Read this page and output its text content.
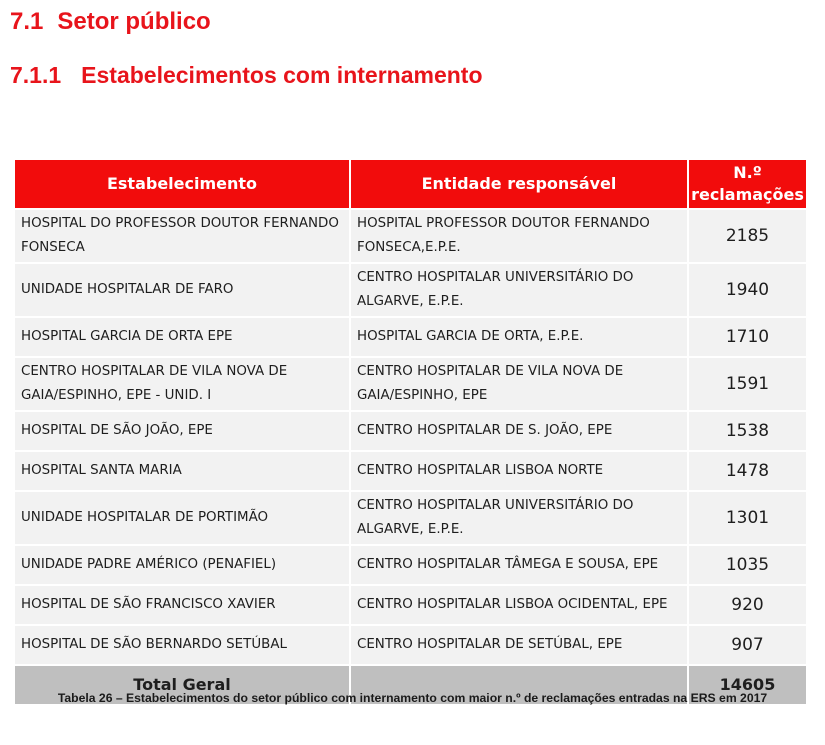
7.1 Setor público
7.1.1 Estabelecimentos com internamento
Estabelecimento	Entidade responsável	N.º reclamações
HOSPITAL DO PROFESSOR DOUTOR FERNANDO FONSECA	HOSPITAL PROFESSOR DOUTOR FERNANDO FONSECA,E.P.E.	2185
UNIDADE HOSPITALAR DE FARO	CENTRO HOSPITALAR UNIVERSITÁRIO DO ALGARVE, E.P.E.	1940
HOSPITAL GARCIA DE ORTA EPE	HOSPITAL GARCIA DE ORTA, E.P.E.	1710
CENTRO HOSPITALAR DE VILA NOVA DE GAIA/ESPINHO, EPE - UNID. I	CENTRO HOSPITALAR DE VILA NOVA DE GAIA/ESPINHO, EPE	1591
HOSPITAL DE SÃO JOÃO, EPE	CENTRO HOSPITALAR DE S. JOÃO, EPE	1538
HOSPITAL SANTA MARIA	CENTRO HOSPITALAR LISBOA NORTE	1478
UNIDADE HOSPITALAR DE PORTIMÃO	CENTRO HOSPITALAR UNIVERSITÁRIO DO ALGARVE, E.P.E.	1301
UNIDADE PADRE AMÉRICO (PENAFIEL)	CENTRO HOSPITALAR TÂMEGA E SOUSA, EPE	1035
HOSPITAL DE SÃO FRANCISCO XAVIER	CENTRO HOSPITALAR LISBOA OCIDENTAL, EPE	920
HOSPITAL DE SÃO BERNARDO SETÚBAL	CENTRO HOSPITALAR DE SETÚBAL, EPE	907
Total Geral		14605
Tabela 26 – Estabelecimentos do setor público com internamento com maior n.º de reclamações entradas na ERS em 2017
